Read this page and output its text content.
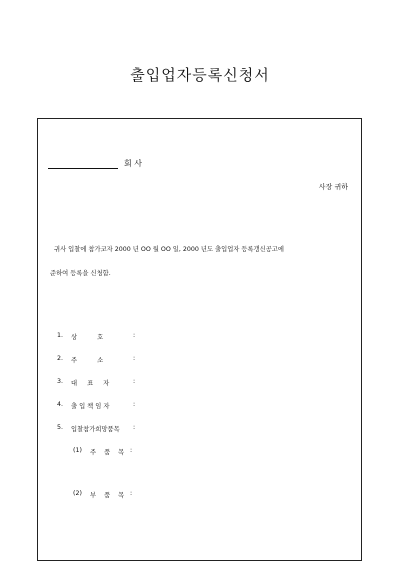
출입업자등록신청서
회 사
사장 귀하
귀사 입찰에 참가코자 2000 년 OO 월 OO 일, 2000 년도 출입업자 등록갱신공고에
준하여 등록을 신청함.
1.	상          호	:
2.	주          소	:
3.	대     표     자	:
4.	출 입 책 임 자	:
5.	입찰참가희망품목	:
(1)	주    품    목 :
(2)	부    품    목 :
